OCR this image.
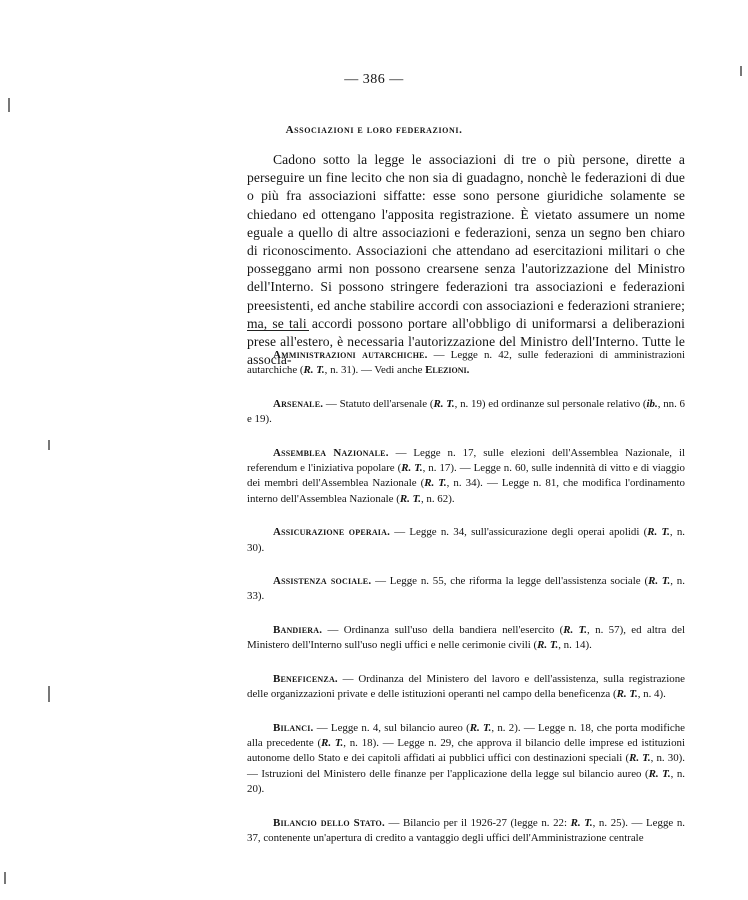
— 386 —
Associazioni e loro federazioni.

Cadono sotto la legge le associazioni di tre o più persone, dirette a perseguire un fine lecito che non sia di guadagno, nonchè le federazioni di due o più fra associazioni siffatte: esse sono persone giuridiche solamente se chiedano ed ottengano l'apposita registrazione. È vietato assumere un nome eguale a quello di altre associazioni e federazioni, senza un segno ben chiaro di riconoscimento. Associazioni che attendano ad esercitazioni militari o che posseggano armi non possono crearsene senza l'autorizzazione del Ministro dell'Interno. Si possono stringere federazioni tra associazioni e federazioni preesistenti, ed anche stabilire accordi con associazioni e federazioni straniere; ma, se tali accordi possono portare all'obbligo di uniformarsi a deliberazioni prese all'estero, è necessaria l'autorizzazione del Ministro dell'Interno. Tutte le associa-

Amministrazioni autarchiche. — Legge n. 42, sulle federazioni di amministrazioni autarchiche (R. T., n. 31). — Vedi anche Elezioni.

Arsenale. — Statuto dell'arsenale (R. T., n. 19) ed ordinanze sul personale relativo (ib., nn. 6 e 19).

Assemblea Nazionale. — Legge n. 17, sulle elezioni dell'Assemblea Nazionale, il referendum e l'iniziativa popolare (R. T., n. 17). — Legge n. 60, sulle indennità di vitto e di viaggio dei membri dell'Assemblea Nazionale (R. T., n. 34). — Legge n. 81, che modifica l'ordinamento interno dell'Assemblea Nazionale (R. T., n. 62).

Assicurazione operaia. — Legge n. 34, sull'assicurazione degli operai apolidi (R. T., n. 30).

Assistenza sociale. — Legge n. 55, che riforma la legge dell'assistenza sociale (R. T., n. 33).

Bandiera. — Ordinanza sull'uso della bandiera nell'esercito (R. T., n. 57), ed altra del Ministero dell'Interno sull'uso negli uffici e nelle cerimonie civili (R. T., n. 14).

Beneficenza. — Ordinanza del Ministero del lavoro e dell'assistenza, sulla registrazione delle organizzazioni private e delle istituzioni operanti nel campo della beneficenza (R. T., n. 4).

Bilanci. — Legge n. 4, sul bilancio aureo (R. T., n. 2). — Legge n. 18, che porta modifiche alla precedente (R. T., n. 18). — Legge n. 29, che approva il bilancio delle imprese ed istituzioni autonome dello Stato e dei capitoli affidati ai pubblici uffici con destinazioni speciali (R. T., n. 30). — Istruzioni del Ministero delle finanze per l'applicazione della legge sul bilancio aureo (R. T., n. 20).

Bilancio dello Stato. — Bilancio per il 1926-27 (legge n. 22: R. T., n. 25). — Legge n. 37, contenente un'apertura di credito a vantaggio degli uffici dell'Amministrazione centrale
